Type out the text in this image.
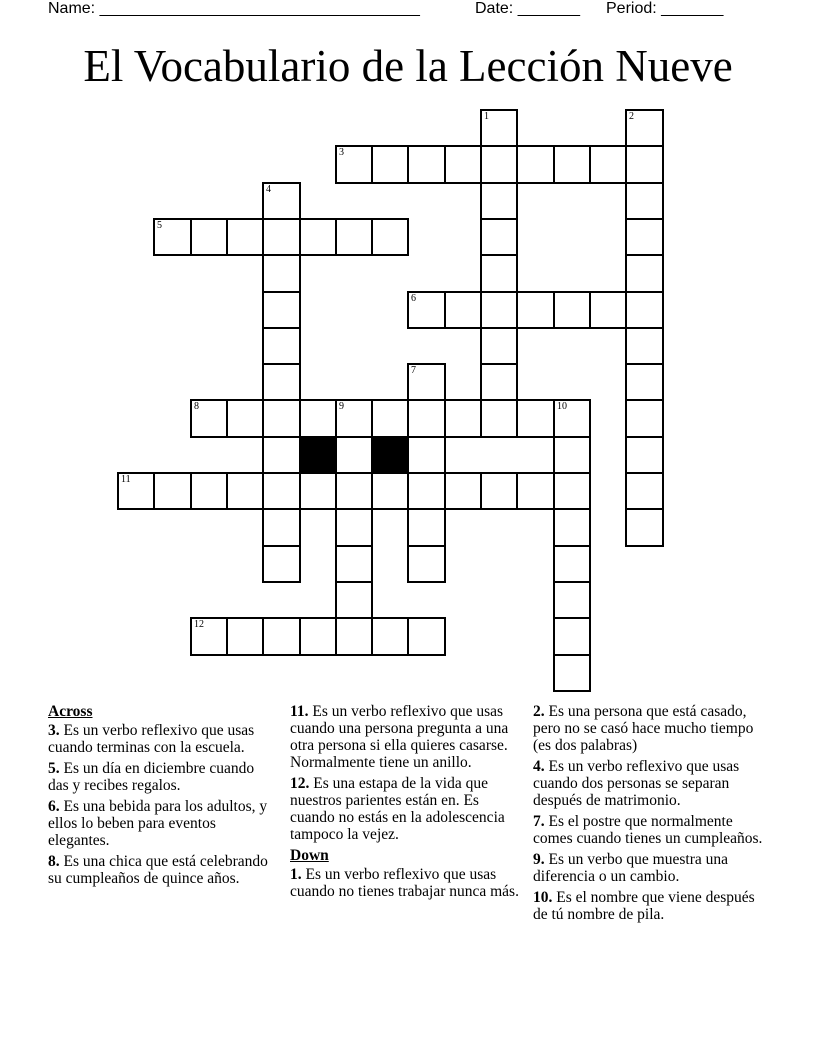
Name: ____________________________________	Date: _______ Period: _______
El Vocabulario de la Lección Nueve
3
5
6
8	9	10
11
12
1	2
4
7
Across
3. Es un verbo reflexivo que usas cuando terminas con la escuela.
5. Es un día en diciembre cuando das y recibes regalos.
6. Es una bebida para los adultos, y ellos lo beben para eventos elegantes.
8. Es una chica que está celebrando su cumpleaños de quince años.
11. Es un verbo reflexivo que usas cuando una persona pregunta a una otra persona si ella quieres casarse. Normalmente tiene un anillo.
12. Es una estapa de la vida que nuestros parientes están en. Es cuando no estás en la adolescencia tampoco la vejez.
Down
1. Es un verbo reflexivo que usas cuando no tienes trabajar nunca más.
2. Es una persona que está casado, pero no se casó hace mucho tiempo (es dos palabras)
4. Es un verbo reflexivo que usas cuando dos personas se separan después de matrimonio.
7. Es el postre que normalmente comes cuando tienes un cumpleaños.
9. Es un verbo que muestra una diferencia o un cambio.
10. Es el nombre que viene después de tú nombre de pila.
